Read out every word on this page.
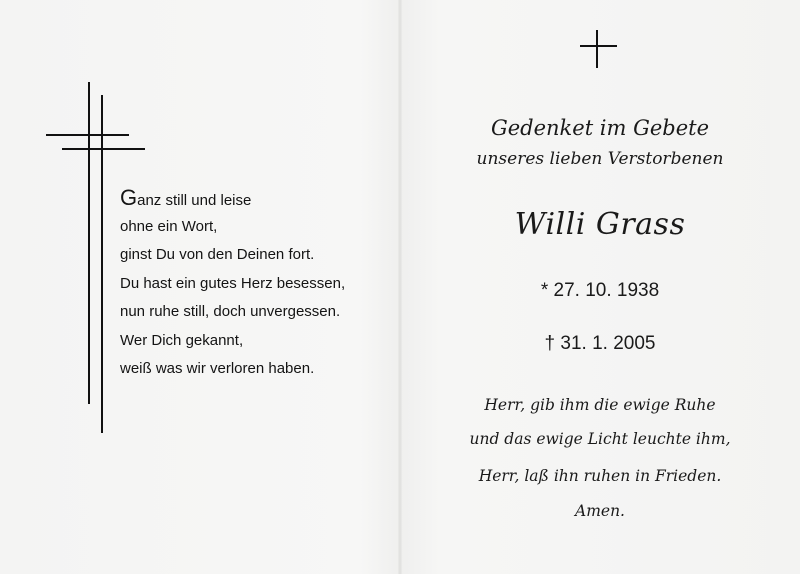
Ganz still und leise
ohne ein Wort,
ginst Du von den Deinen fort.
Du hast ein gutes Herz besessen,
nun ruhe still, doch unvergessen.
Wer Dich gekannt,
weiß was wir verloren haben.
Gedenket im Gebete
unseres lieben Verstorbenen
Willi Grass
* 27. 10. 1938
† 31. 1. 2005
Herr, gib ihm die ewige Ruhe
und das ewige Licht leuchte ihm,
Herr, laß ihn ruhen in Frieden.
Amen.
